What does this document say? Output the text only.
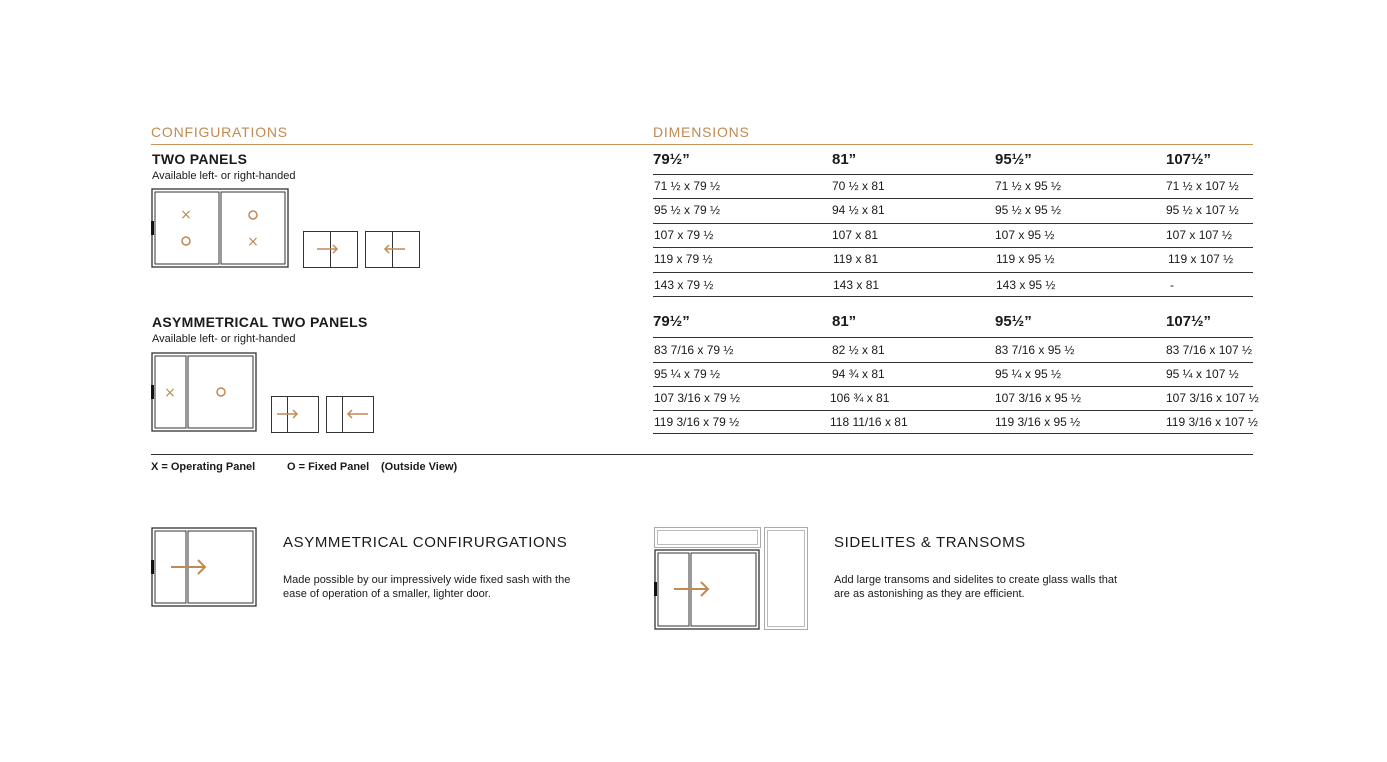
CONFIGURATIONS	DIMENSIONS
TWO PANELS
Available left- or right-handed
×
×
ASYMMETRICAL TWO PANELS
Available left- or right-handed
×
79½”	81”	95½”	107½”
71 ½ x 79 ½	70 ½ x 81	71 ½ x 95 ½	71 ½ x 107 ½
95 ½ x 79 ½	94 ½ x 81	95 ½ x 95 ½	95 ½ x 107 ½
107 x 79 ½	107 x 81	107 x 95 ½	107 x 107 ½
119 x 79 ½	119 x 81	119 x 95 ½	119 x 107 ½
143 x 79 ½	143 x 81	143 x 95 ½	-
79½”	81”	95½”	107½”
83 7/16 x 79 ½	82 ½ x 81	83 7/16 x 95 ½	83 7/16 x 107 ½
95 ¼ x 79 ½	94 ¾ x 81	95 ¼ x 95 ½	95 ¼ x 107 ½
107 3/16 x 79 ½	106 ¾ x 81	107 3/16 x 95 ½	107 3/16 x 107 ½
119 3/16 x 79 ½	118 11/16 x 81	119 3/16 x 95 ½	119 3/16 x 107 ½
X = Operating Panel	O = Fixed Panel (Outside View)
ASYMMETRICAL CONFIRURGATIONS
Made possible by our impressively wide fixed sash with the ease of operation of a smaller, lighter door.
SIDELITES & TRANSOMS
Add large transoms and sidelites to create glass walls that are as astonishing as they are efficient.
